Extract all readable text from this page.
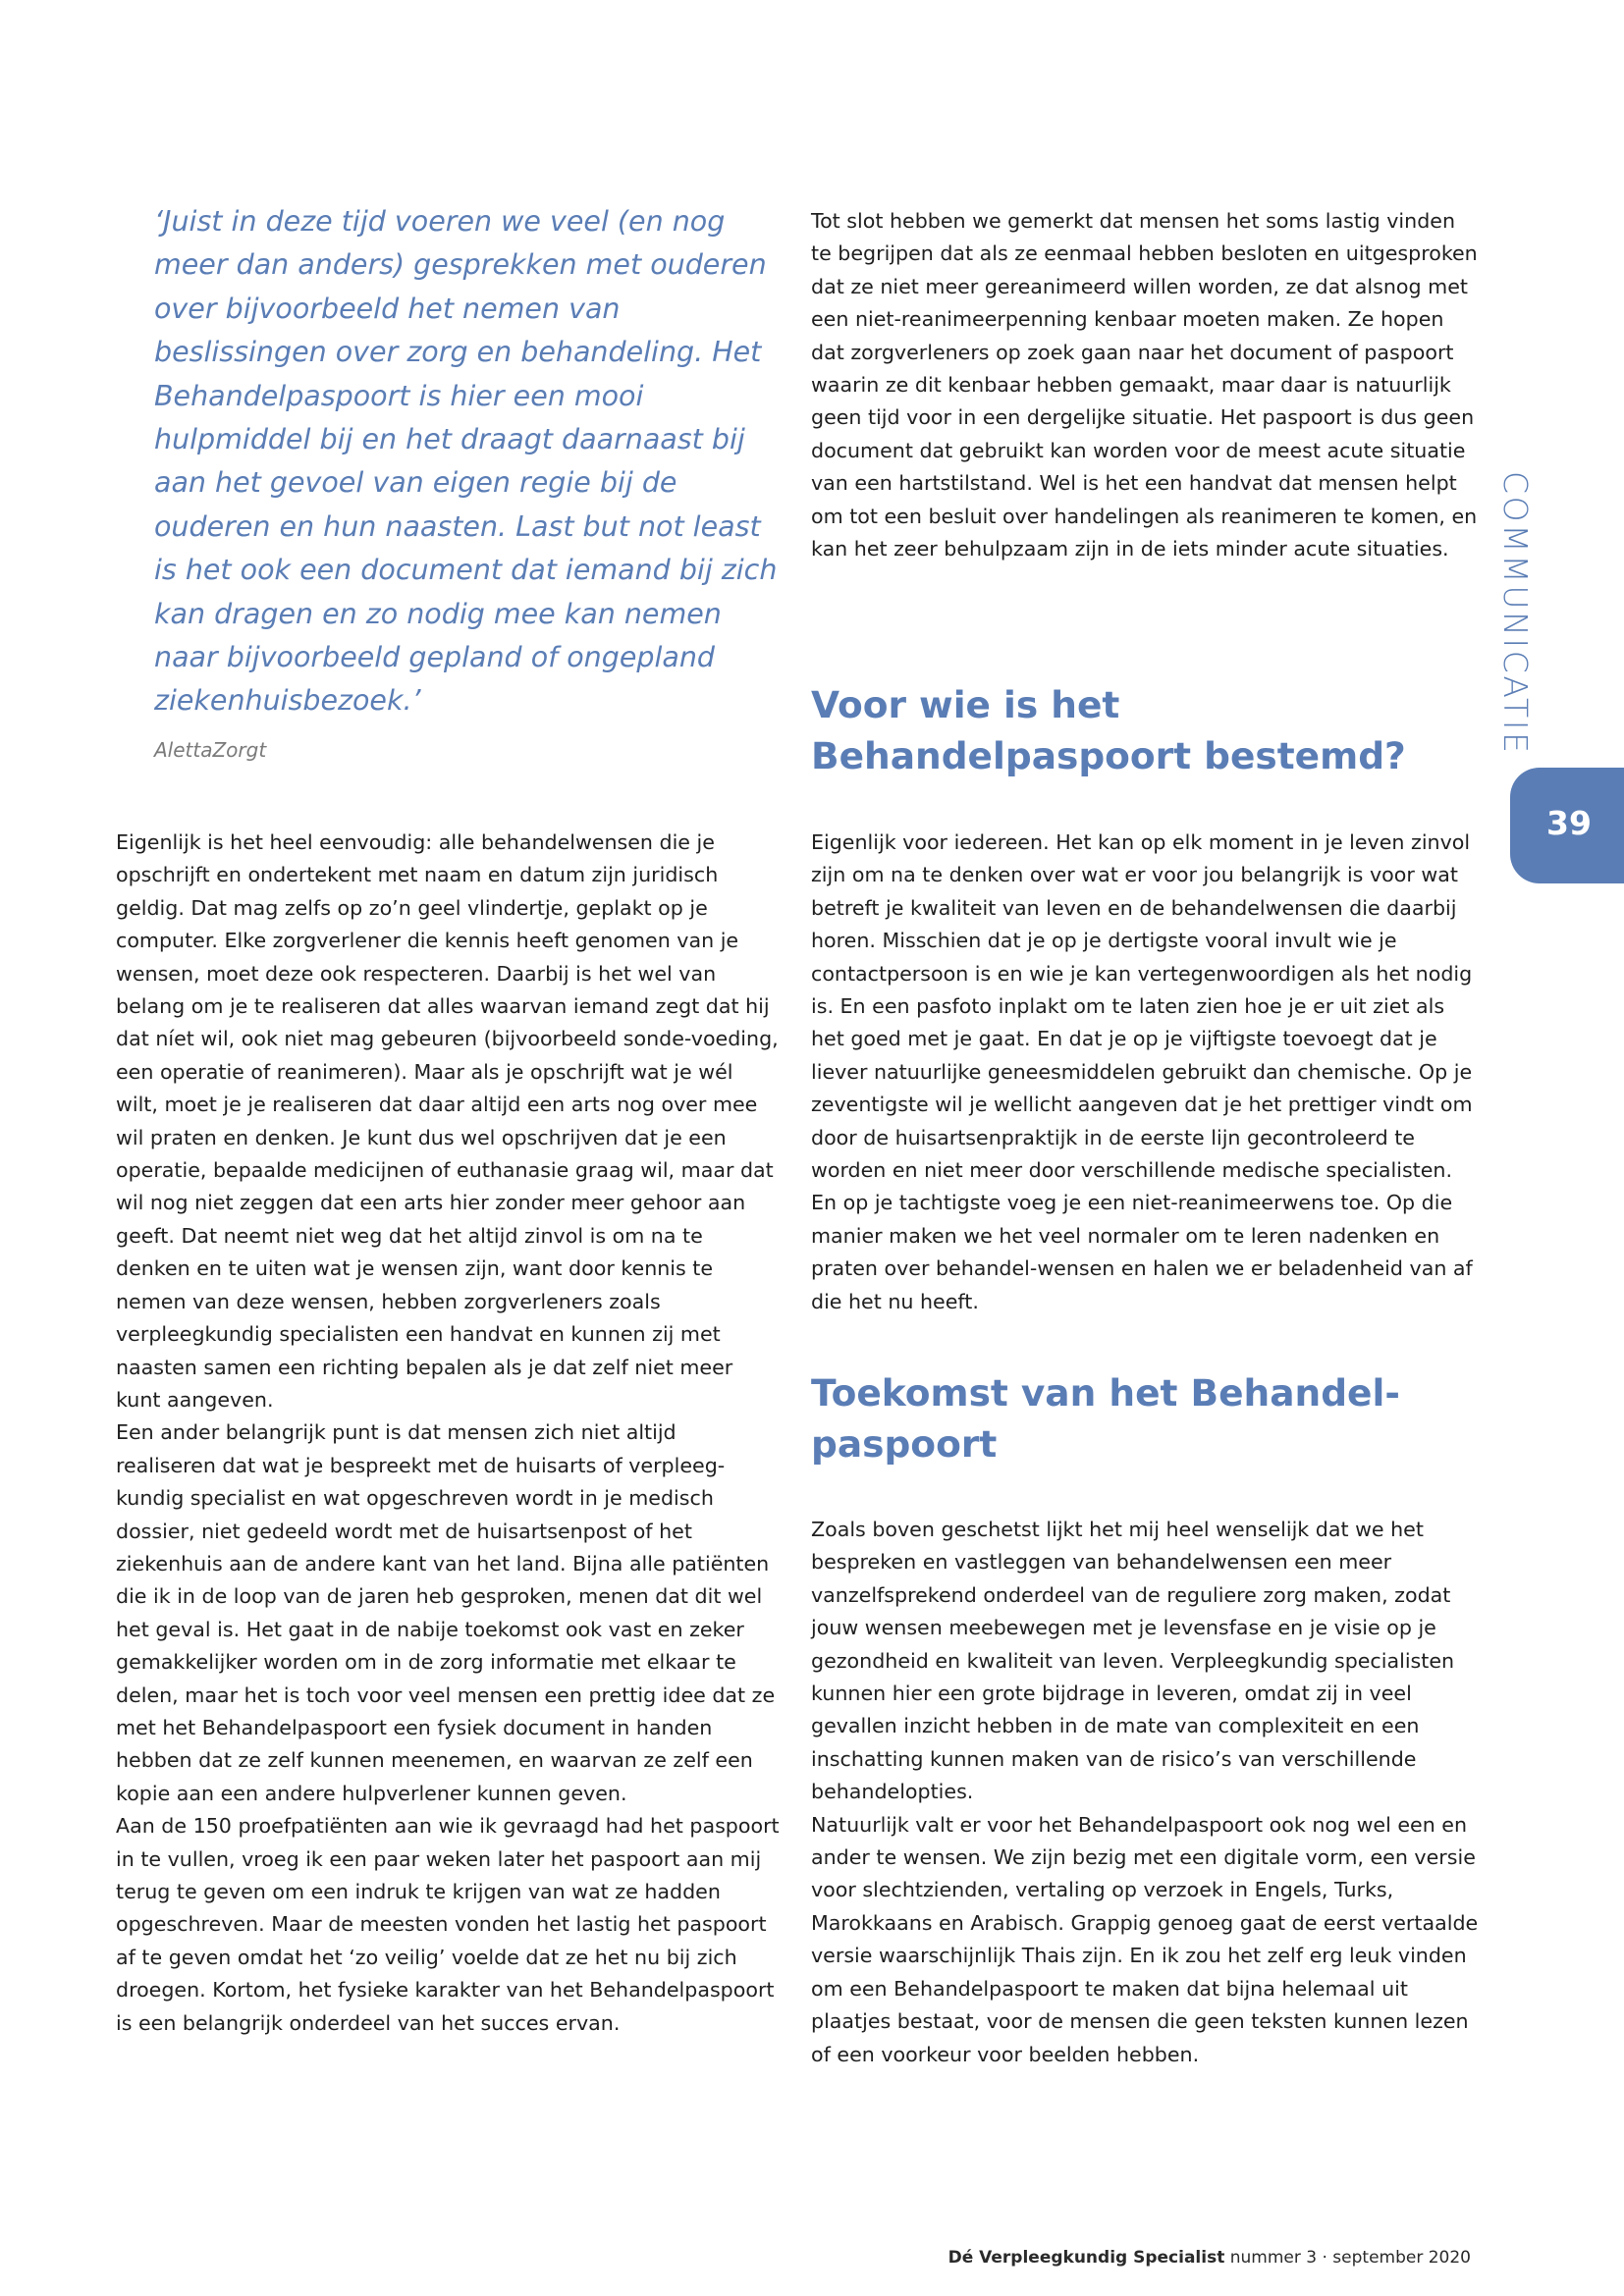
‘Juist in deze tijd voeren we veel (en nog meer dan anders) gesprekken met ouderen over bijvoorbeeld het nemen van beslissingen over zorg en behandeling. Het Behandelpaspoort is hier een mooi hulpmiddel bij en het draagt daarnaast bij aan het gevoel van eigen regie bij de ouderen en hun naasten. Last but not least is het ook een document dat iemand bij zich kan dragen en zo nodig mee kan nemen naar bijvoorbeeld gepland of ongepland ziekenhuisbezoek.’

AlettaZorgt

Eigenlijk is het heel eenvoudig: alle behandelwensen die je opschrijft en ondertekent met naam en datum zijn juridisch geldig. Dat mag zelfs op zo’n geel vlindertje, geplakt op je computer. Elke zorgverlener die kennis heeft genomen van je wensen, moet deze ook respecteren. Daarbij is het wel van belang om je te realiseren dat alles waarvan iemand zegt dat hij dat níet wil, ook niet mag gebeuren (bijvoorbeeld sonde-voeding, een operatie of reanimeren). Maar als je opschrijft wat je wél wilt, moet je je realiseren dat daar altijd een arts nog over mee wil praten en denken. Je kunt dus wel opschrijven dat je een operatie, bepaalde medicijnen of euthanasie graag wil, maar dat wil nog niet zeggen dat een arts hier zonder meer gehoor aan geeft. Dat neemt niet weg dat het altijd zinvol is om na te denken en te uiten wat je wensen zijn, want door kennis te nemen van deze wensen, hebben zorgverleners zoals verpleegkundig specialisten een handvat en kunnen zij met naasten samen een richting bepalen als je dat zelf niet meer kunt aangeven.
Een ander belangrijk punt is dat mensen zich niet altijd realiseren dat wat je bespreekt met de huisarts of verpleeg-kundig specialist en wat opgeschreven wordt in je medisch dossier, niet gedeeld wordt met de huisartsenpost of het ziekenhuis aan de andere kant van het land. Bijna alle patiënten die ik in de loop van de jaren heb gesproken, menen dat dit wel het geval is. Het gaat in de nabije toekomst ook vast en zeker gemakkelijker worden om in de zorg informatie met elkaar te delen, maar het is toch voor veel mensen een prettig idee dat ze met het Behandelpaspoort een fysiek document in handen hebben dat ze zelf kunnen meenemen, en waarvan ze zelf een kopie aan een andere hulpverlener kunnen geven.
Aan de 150 proefpatiënten aan wie ik gevraagd had het paspoort in te vullen, vroeg ik een paar weken later het paspoort aan mij terug te geven om een indruk te krijgen van wat ze hadden opgeschreven. Maar de meesten vonden het lastig het paspoort af te geven omdat het ‘zo veilig’ voelde dat ze het nu bij zich droegen. Kortom, het fysieke karakter van het Behandelpaspoort is een belangrijk onderdeel van het succes ervan.

Tot slot hebben we gemerkt dat mensen het soms lastig vinden te begrijpen dat als ze eenmaal hebben besloten en uitgesproken dat ze niet meer gereanimeerd willen worden, ze dat alsnog met een niet-reanimeerpenning kenbaar moeten maken. Ze hopen dat zorgverleners op zoek gaan naar het document of paspoort waarin ze dit kenbaar hebben gemaakt, maar daar is natuurlijk geen tijd voor in een dergelijke situatie. Het paspoort is dus geen document dat gebruikt kan worden voor de meest acute situatie van een hartstilstand. Wel is het een handvat dat mensen helpt om tot een besluit over handelingen als reanimeren te komen, en kan het zeer behulpzaam zijn in de iets minder acute situaties.

Voor wie is het Behandelpaspoort bestemd?

Eigenlijk voor iedereen. Het kan op elk moment in je leven zinvol zijn om na te denken over wat er voor jou belangrijk is voor wat betreft je kwaliteit van leven en de behandelwensen die daarbij horen. Misschien dat je op je dertigste vooral invult wie je contactpersoon is en wie je kan vertegenwoordigen als het nodig is. En een pasfoto inplakt om te laten zien hoe je er uit ziet als het goed met je gaat. En dat je op je vijftigste toevoegt dat je liever natuurlijke geneesmiddelen gebruikt dan chemische. Op je zeventigste wil je wellicht aangeven dat je het prettiger vindt om door de huisartsenpraktijk in de eerste lijn gecontroleerd te worden en niet meer door verschillende medische specialisten. En op je tachtigste voeg je een niet-reanimeerwens toe. Op die manier maken we het veel normaler om te leren nadenken en praten over behandel-wensen en halen we er beladenheid van af die het nu heeft.

Toekomst van het Behandel-paspoort

Zoals boven geschetst lijkt het mij heel wenselijk dat we het bespreken en vastleggen van behandelwensen een meer vanzelfsprekend onderdeel van de reguliere zorg maken, zodat jouw wensen meebewegen met je levensfase en je visie op je gezondheid en kwaliteit van leven. Verpleegkundig specialisten kunnen hier een grote bijdrage in leveren, omdat zij in veel gevallen inzicht hebben in de mate van complexiteit en een inschatting kunnen maken van de risico’s van verschillende behandelopties.
Natuurlijk valt er voor het Behandelpaspoort ook nog wel een en ander te wensen. We zijn bezig met een digitale vorm, een versie voor slechtzienden, vertaling op verzoek in Engels, Turks, Marokkaans en Arabisch. Grappig genoeg gaat de eerst vertaalde versie waarschijnlijk Thais zijn. En ik zou het zelf erg leuk vinden om een Behandelpaspoort te maken dat bijna helemaal uit plaatjes bestaat, voor de mensen die geen teksten kunnen lezen of een voorkeur voor beelden hebben.

COMMUNICATIE
39
Dé Verpleegkundig Specialist nummer 3 · september 2020
